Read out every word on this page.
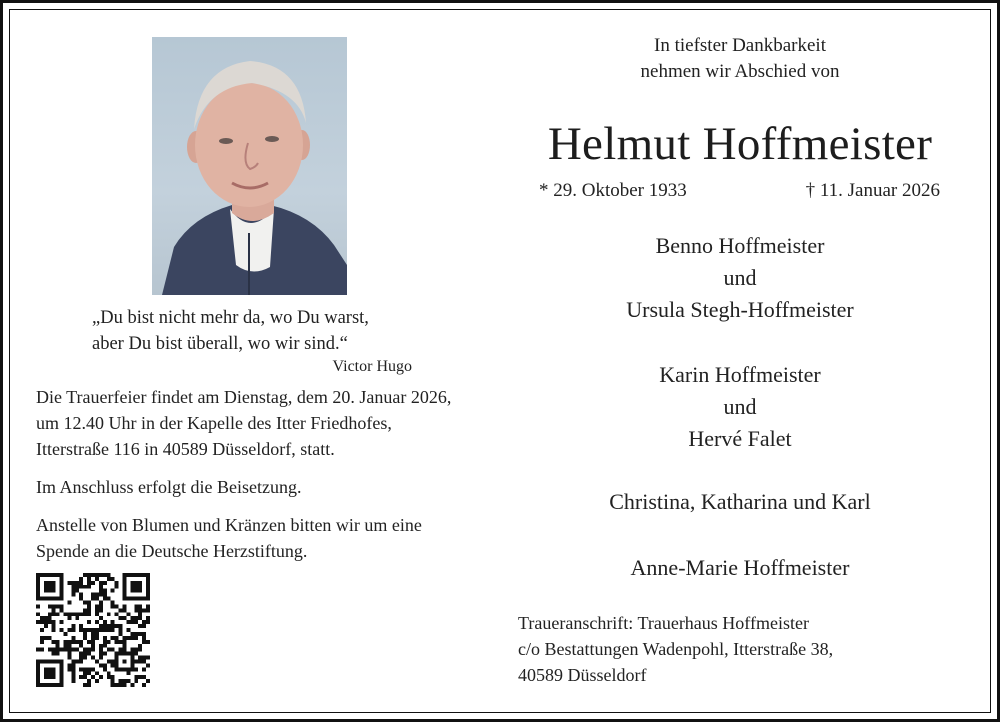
„Du bist nicht mehr da, wo Du warst,
aber Du bist überall, wo wir sind.“
Victor Hugo
Die Trauerfeier findet am Dienstag, dem 20. Januar 2026,
um 12.40 Uhr in der Kapelle des Itter Friedhofes,
Itterstraße 116 in 40589 Düsseldorf, statt.
Im Anschluss erfolgt die Beisetzung.
Anstelle von Blumen und Kränzen bitten wir um eine
Spende an die Deutsche Herzstiftung.
In tiefster Dankbarkeit
nehmen wir Abschied von
Helmut Hoffmeister
* 29. Oktober 1933	† 11. Januar 2026
Benno Hoffmeister
und
Ursula Stegh-Hoffmeister
Karin Hoffmeister
und
Hervé Falet
Christina, Katharina und Karl
Anne-Marie Hoffmeister
Traueranschrift: Trauerhaus Hoffmeister
c/o Bestattungen Wadenpohl, Itterstraße 38,
40589 Düsseldorf
